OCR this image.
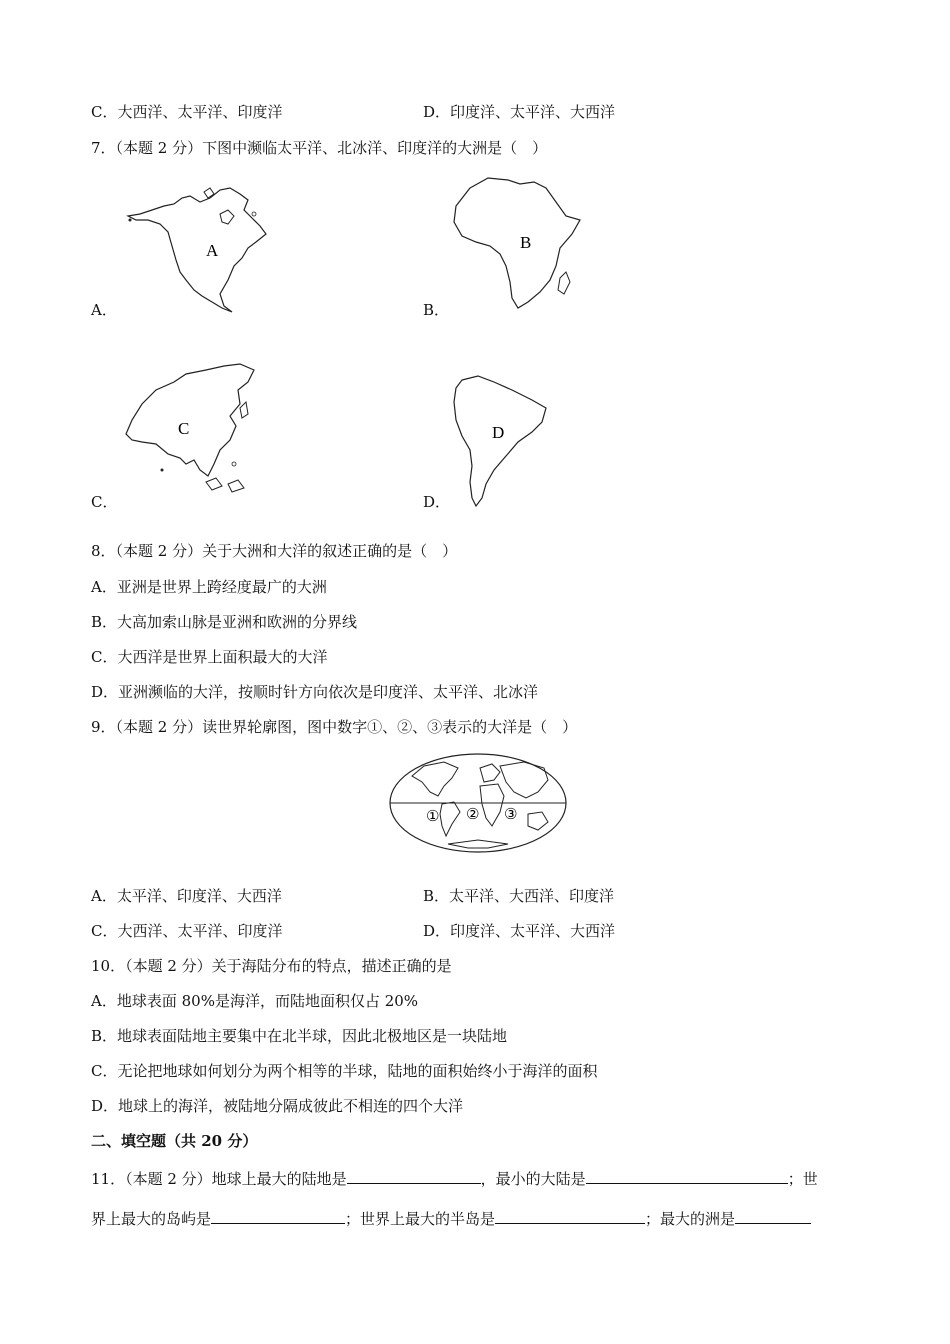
C．大西洋、太平洋、印度洋	D．印度洋、太平洋、大西洋
7．（本题 2 分）下图中濒临太平洋、北冰洋、印度洋的大洲是（　）
A
A．
B
B．
C
C．
D
D．
8．（本题 2 分）关于大洲和大洋的叙述正确的是（　）
A．亚洲是世界上跨经度最广的大洲
B．大高加索山脉是亚洲和欧洲的分界线
C．大西洋是世界上面积最大的大洋
D．亚洲濒临的大洋，按顺时针方向依次是印度洋、太平洋、北冰洋
9．（本题 2 分）读世界轮廓图，图中数字①、②、③表示的大洋是（　）
① ② ③
A．太平洋、印度洋、大西洋	B．太平洋、大西洋、印度洋
C．大西洋、太平洋、印度洋	D．印度洋、太平洋、大西洋
10．（本题 2 分）关于海陆分布的特点，描述正确的是
A．地球表面 80%是海洋，而陆地面积仅占 20%
B．地球表面陆地主要集中在北半球，因此北极地区是一块陆地
C．无论把地球如何划分为两个相等的半球，陆地的面积始终小于海洋的面积
D．地球上的海洋，被陆地分隔成彼此不相连的四个大洋
二、填空题（共 20 分）
11．（本题 2 分）地球上最大的陆地是	，最小的大陆是	；世
界上最大的岛屿是	；世界上最大的半岛是	；最大的洲是
